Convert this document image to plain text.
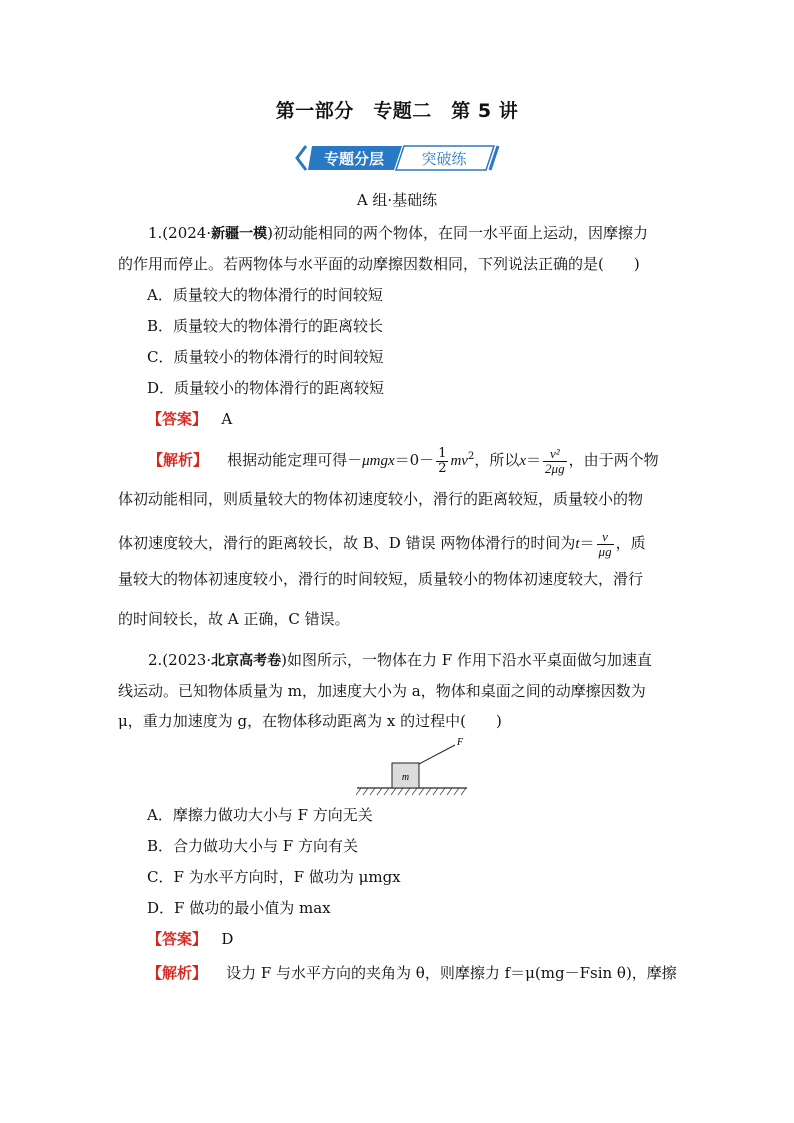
第一部分　专题二　第 5 讲
专题分层 突破练
A 组·基础练

1.(2024·新疆一模)初动能相同的两个物体，在同一水平面上运动，因摩擦力

的作用而停止。若两物体与水平面的动摩擦因数相同，下列说法正确的是(　　)

A．质量较大的物体滑行的时间较短
B．质量较大的物体滑行的距离较长
C．质量较小的物体滑行的时间较短
D．质量较小的物体滑行的距离较短
【答案】 A
【解析】 根据动能定理可得$-\mu mgx=0- \frac{1}{2} mv^2$，所以$x= \frac{\text{v²}}{2\mu g}$ ，由于两个物
体初动能相同，则质量较大的物体初速度较小，滑行的距离较短，质量较小的物
体初速度较大，滑行的距离较长，故 B、D 错误 两物体滑行的时间为$t= \frac{v}{\mu g}$ ，质
量较大的物体初速度较小，滑行的时间较短，质量较小的物体初速度较大，滑行
的时间较长，故 A 正确，C 错误。

2.(2023·北京高考卷)如图所示，一物体在力 F 作用下沿水平桌面做匀加速直

线运动。已知物体质量为 m，加速度大小为 a，物体和桌面之间的动摩擦因数为

μ，重力加速度为 g，在物体移动距离为 x 的过程中(　　)

m
F
A．摩擦力做功大小与 F 方向无关
B．合力做功大小与 F 方向有关
C．F 为水平方向时，F 做功为 μmgx
D．F 做功的最小值为 max
【答案】 D
【解析】 设力 F 与水平方向的夹角为 θ，则摩擦力 f＝μ(mg－Fsin θ)，摩擦
